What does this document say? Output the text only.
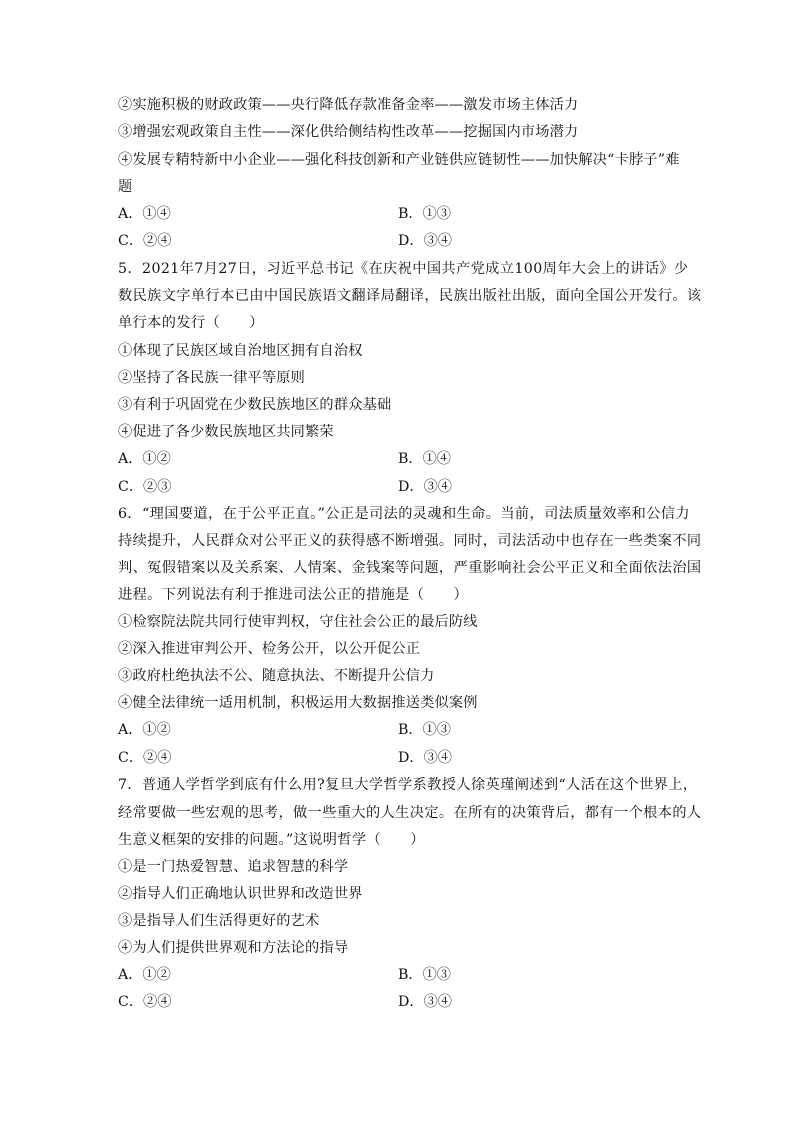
②实施积极的财政政策——央行降低存款准备金率——激发市场主体活力
③增强宏观政策自主性——深化供给侧结构性改革——挖掘国内市场潜力
④发展专精特新中小企业——强化科技创新和产业链供应链韧性——加快解决“卡脖子”难
题
A．①④	B．①③
C．②④	D．③④
5．2021年7月27日，习近平总书记《在庆祝中国共产党成立100周年大会上的讲话》少
数民族文字单行本已由中国民族语文翻译局翻译，民族出版社出版，面向全国公开发行。该
单行本的发行（　　）
①体现了民族区域自治地区拥有自治权
②坚持了各民族一律平等原则
③有利于巩固党在少数民族地区的群众基础
④促进了各少数民族地区共同繁荣
A．①②	B．①④
C．②③	D．③④
6．“理国要道，在于公平正直。”公正是司法的灵魂和生命。当前，司法质量效率和公信力
持续提升，人民群众对公平正义的获得感不断增强。同时，司法活动中也存在一些类案不同
判、冤假错案以及关系案、人情案、金钱案等问题，严重影响社会公平正义和全面依法治国
进程。下列说法有利于推进司法公正的措施是（　　）
①检察院法院共同行使审判权，守住社会公正的最后防线
②深入推进审判公开、检务公开，以公开促公正
③政府杜绝执法不公、随意执法、不断提升公信力
④健全法律统一适用机制，积极运用大数据推送类似案例
A．①②	B．①③
C．②④	D．③④
7．普通人学哲学到底有什么用?复旦大学哲学系教授人徐英瑾阐述到“人活在这个世界上，
经常要做一些宏观的思考，做一些重大的人生决定。在所有的决策背后，都有一个根本的人
生意义框架的安排的问题。”这说明哲学（　　）
①是一门热爱智慧、追求智慧的科学
②指导人们正确地认识世界和改造世界
③是指导人们生活得更好的艺术
④为人们提供世界观和方法论的指导
A．①②	B．①③
C．②④	D．③④
